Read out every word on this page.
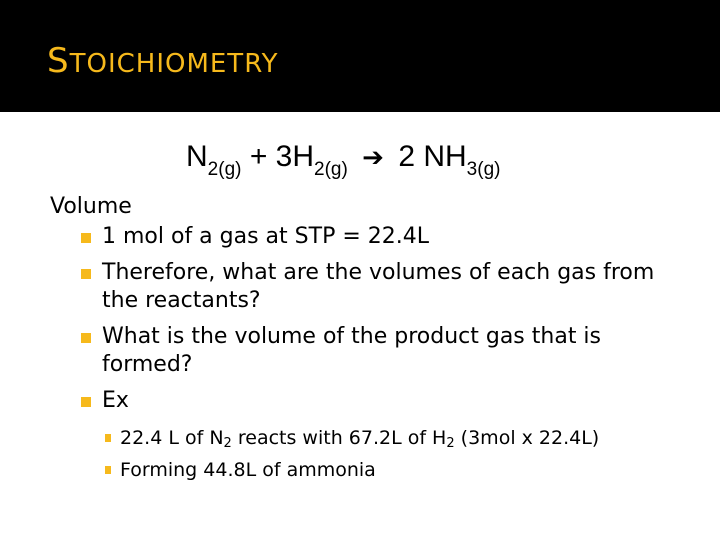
STOICHIOMETRY
$N_{2(g)} + 3H_{2(g)}$ ➔ 2 $NH_{3(g)}$

Volume

1 mol of a gas at STP = 22.4L
Therefore, what are the volumes of each gas from the reactants?
What is the volume of the product gas that is formed?
Ex
22.4 L of $N_2$ reacts with 67.2L of $H_2$ (3mol x 22.4L)
Forming 44.8L of ammonia
